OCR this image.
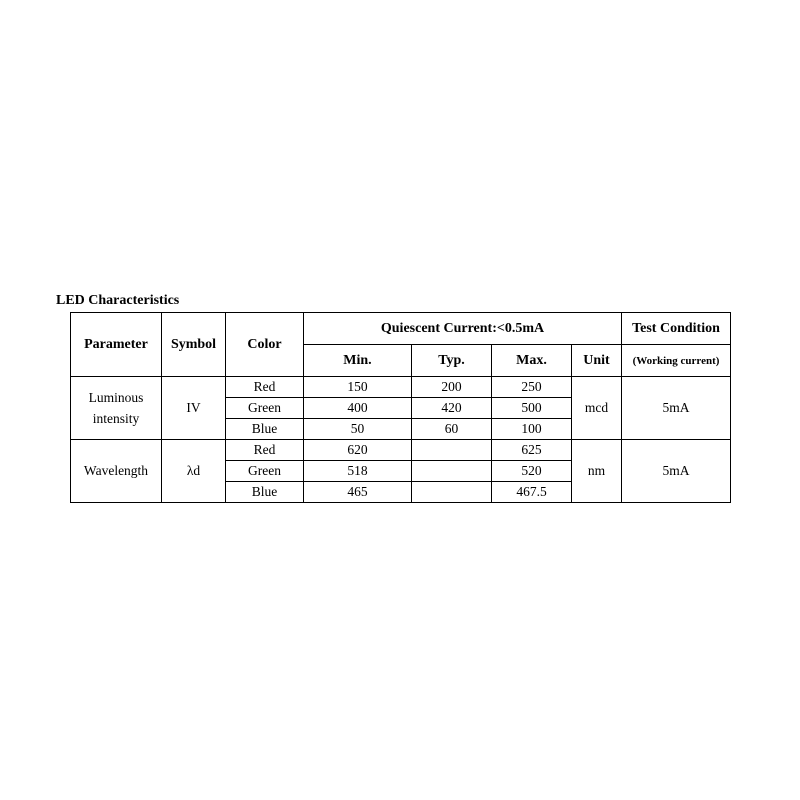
LED Characteristics
Parameter	Symbol	Color	Quiescent Current:<0.5mA				Test Condition
			Min.	Typ.	Max.	Unit	(Working current)

Luminous
intensity	IV	Red	150	200	250	mcd	5mA
		Green	400	420	500		
		Blue	50	60	100		
Wavelength	λd	Red	620		625	nm	5mA
		Green	518		520		
		Blue	465		467.5		
